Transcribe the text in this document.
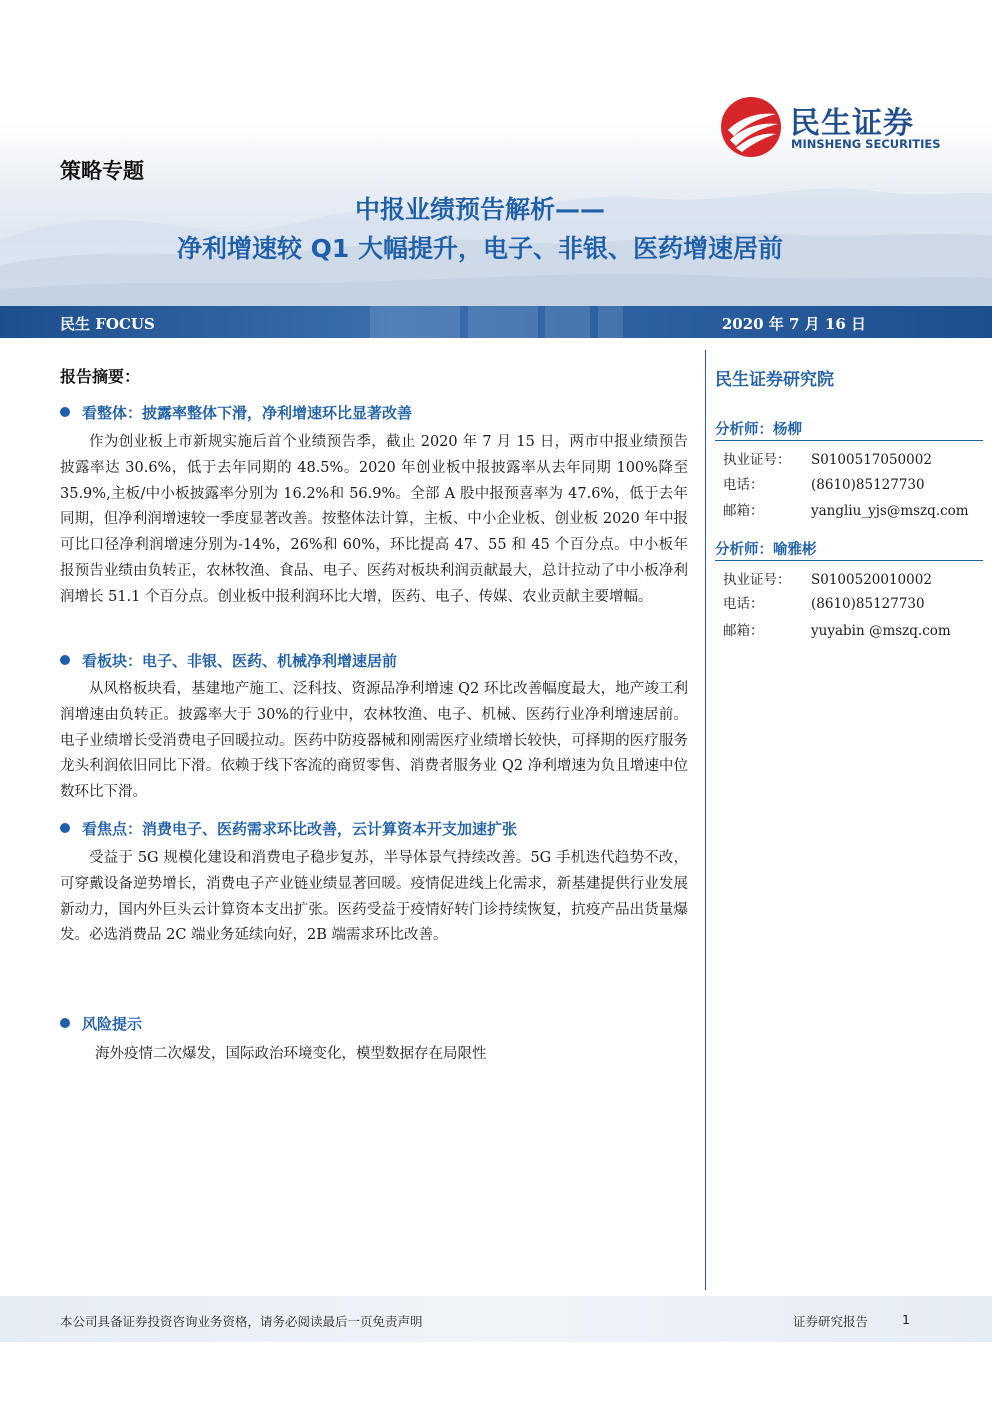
民生证券
MINSHENG SECURITIES
策略专题
中报业绩预告解析——
净利增速较 Q1 大幅提升，电子、非银、医药增速居前
民生 FOCUS	2020 年 7 月 16 日
报告摘要：
看整体：披露率整体下滑，净利增速环比显著改善
作为创业板上市新规实施后首个业绩预告季，截止 2020 年 7 月 15 日，两市中报业绩预告披露率达 30.6%，低于去年同期的 48.5%。2020 年创业板中报披露率从去年同期 100%降至 35.9%,主板/中小板披露率分别为 16.2%和 56.9%。全部 A 股中报预喜率为 47.6%，低于去年同期，但净利润增速较一季度显著改善。按整体法计算，主板、中小企业板、创业板 2020 年中报可比口径净利润增速分别为-14%，26%和 60%，环比提高 47、55 和 45 个百分点。中小板年报预告业绩由负转正，农林牧渔、食品、电子、医药对板块利润贡献最大，总计拉动了中小板净利润增长 51.1 个百分点。创业板中报利润环比大增，医药、电子、传媒、农业贡献主要增幅。
看板块：电子、非银、医药、机械净利增速居前
从风格板块看，基建地产施工、泛科技、资源品净利增速 Q2 环比改善幅度最大，地产竣工利润增速由负转正。披露率大于 30%的行业中，农林牧渔、电子、机械、医药行业净利增速居前。电子业绩增长受消费电子回暖拉动。医药中防疫器械和刚需医疗业绩增长较快，可择期的医疗服务龙头利润依旧同比下滑。依赖于线下客流的商贸零售、消费者服务业 Q2 净利增速为负且增速中位数环比下滑。
看焦点：消费电子、医药需求环比改善，云计算资本开支加速扩张
受益于 5G 规模化建设和消费电子稳步复苏，半导体景气持续改善。5G 手机迭代趋势不改，可穿戴设备逆势增长，消费电子产业链业绩显著回暖。疫情促进线上化需求，新基建提供行业发展新动力，国内外巨头云计算资本支出扩张。医药受益于疫情好转门诊持续恢复，抗疫产品出货量爆发。必选消费品 2C 端业务延续向好，2B 端需求环比改善。
风险提示
海外疫情二次爆发，国际政治环境变化，模型数据存在局限性
民生证券研究院
分析师：杨柳
执业证号： S0100517050002
电话：	(8610)85127730
邮箱：	yangliu_yjs@mszq.com
分析师：喻雅彬
执业证号： S0100520010002
电话：	(8610)85127730
邮箱：	yuyabin @mszq.com
本公司具备证券投资咨询业务资格，请务必阅读最后一页免责声明	证券研究报告	1
